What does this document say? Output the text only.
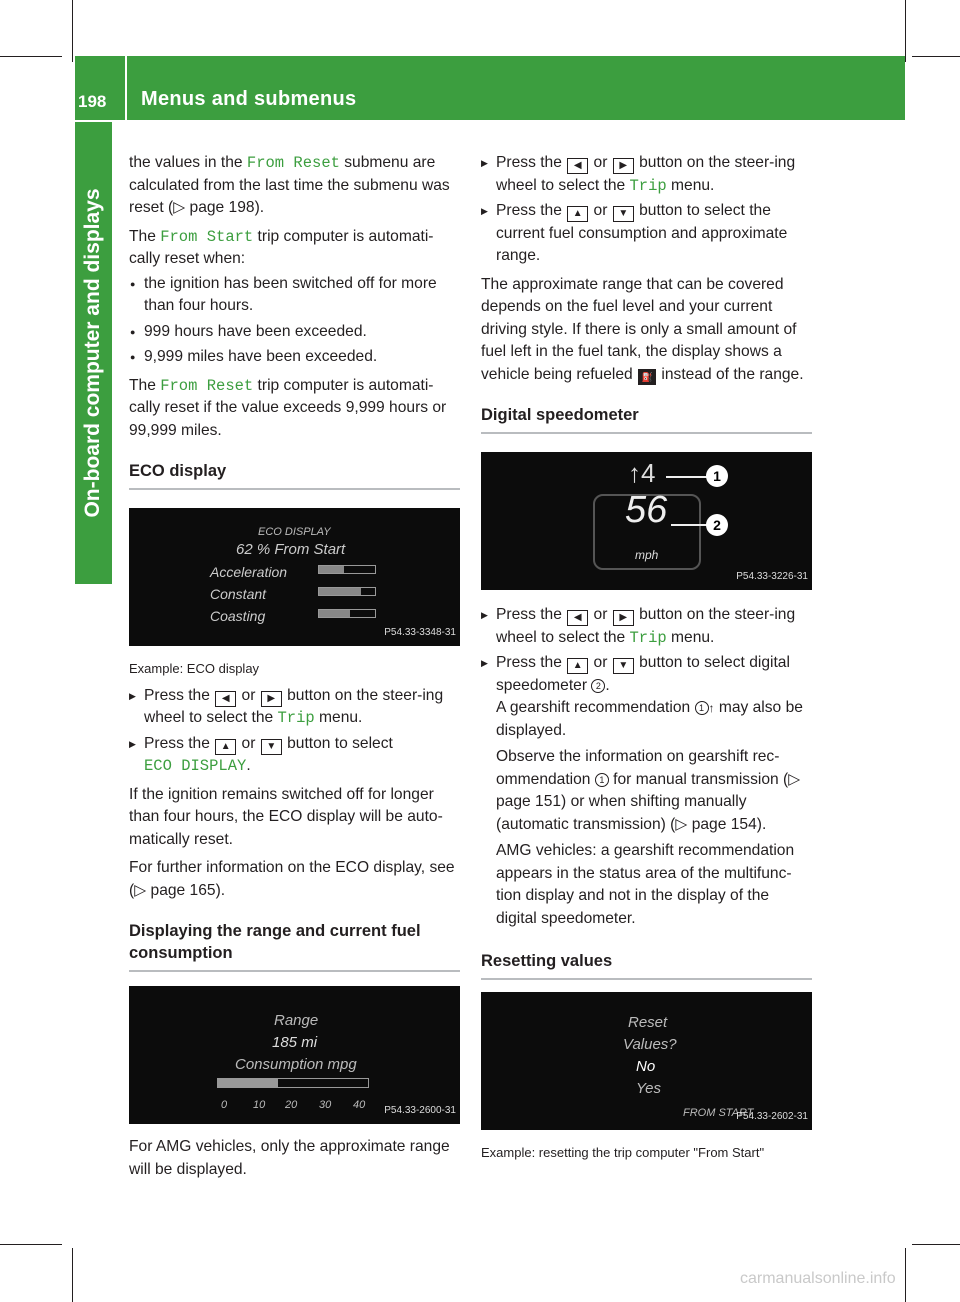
198	Menus and submenus
On-board computer and displays

the values in the From Reset submenu are calculated from the last time the submenu was reset (▷ page 198).

The From Start trip computer is automati-cally reset when:

● the ignition has been switched off for more than four hours.
● 999 hours have been exceeded.
● 9,999 miles have been exceeded.

The From Reset trip computer is automati-cally reset if the value exceeds 9,999 hours or 99,999 miles.

ECO display
ECO DISPLAY
62 % From Start
Acceleration
Constant
Coasting
P54.33-3348-31
Example: ECO display
▶ Press the ◀ or ▶ button on the steer-ing wheel to select the Trip menu.
▶ Press the ▲ or ▼ button to select
ECO DISPLAY.

If the ignition remains switched off for longer than four hours, the ECO display will be auto-matically reset.

For further information on the ECO display, see (▷ page 165).

Displaying the range and current fuel consumption
Range
185 mi
Consumption mpg
0 10 20 30 40 P54.33-2600-31

For AMG vehicles, only the approximate range will be displayed.

▶ Press the ◀ or ▶ button on the steer-ing wheel to select the Trip menu.
▶ Press the ▲ or ▼ button to select the current fuel consumption and approximate range.

The approximate range that can be covered depends on the fuel level and your current driving style. If there is only a small amount of fuel left in the fuel tank, the display shows a vehicle being refueled ⛽ instead of the range.

Digital speedometer
↑4
56
mph
1
2
P54.33-3226-31
▶ Press the ◀ or ▶ button on the steer-ing wheel to select the Trip menu.
▶ Press the ▲ or ▼ button to select digital speedometer 2 .
A gearshift recommendation 1 ↑ may also be displayed.
Observe the information on gearshift rec-ommendation 1 for manual transmission (▷ page 151) or when shifting manually (automatic transmission) (▷ page 154).
AMG vehicles: a gearshift recommendation appears in the status area of the multifunc-tion display and not in the display of the digital speedometer.
Resetting values
Reset
Values?
No
Yes
FROM START
P54.33-2602-31
Example: resetting the trip computer "From Start"
carmanualsonline.info
